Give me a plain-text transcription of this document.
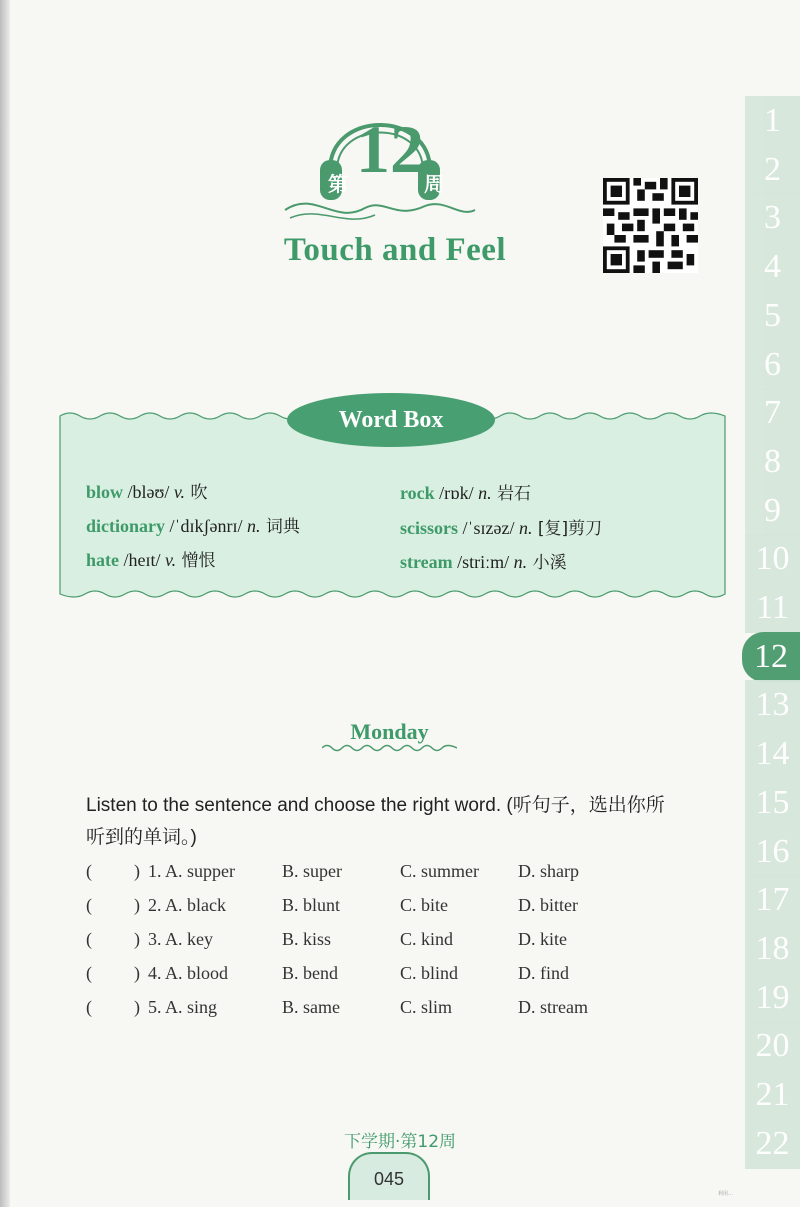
第 12 周
Touch and Feel
Word Box
blow /bləʊ/ v. 吹
dictionary /ˈdɪkʃənrɪ/ n. 词典
hate /heɪt/ v. 憎恨
rock /rɒk/ n. 岩石
scissors /ˈsɪzəz/ n. [复]剪刀
stream /striːm/ n. 小溪
Monday
Listen to the sentence and choose the right word. (听句子，选出你所
听到的单词。)
( ) 1. A. supper	B. super	C. summer D. sharp
( ) 2. A. black	B. blunt	C. bite	D. bitter
( ) 3. A. key	B. kiss	C. kind	D. kite
( ) 4. A. blood	B. bend	C. blind	D. find
( ) 5. A. sing	B. same	C. slim	D. stream
1
2
3
4
5
6
7
8
9
10
11
12
13
14
15
16
17
18
19
20
21
22
下学期·第12周
045
利用…
